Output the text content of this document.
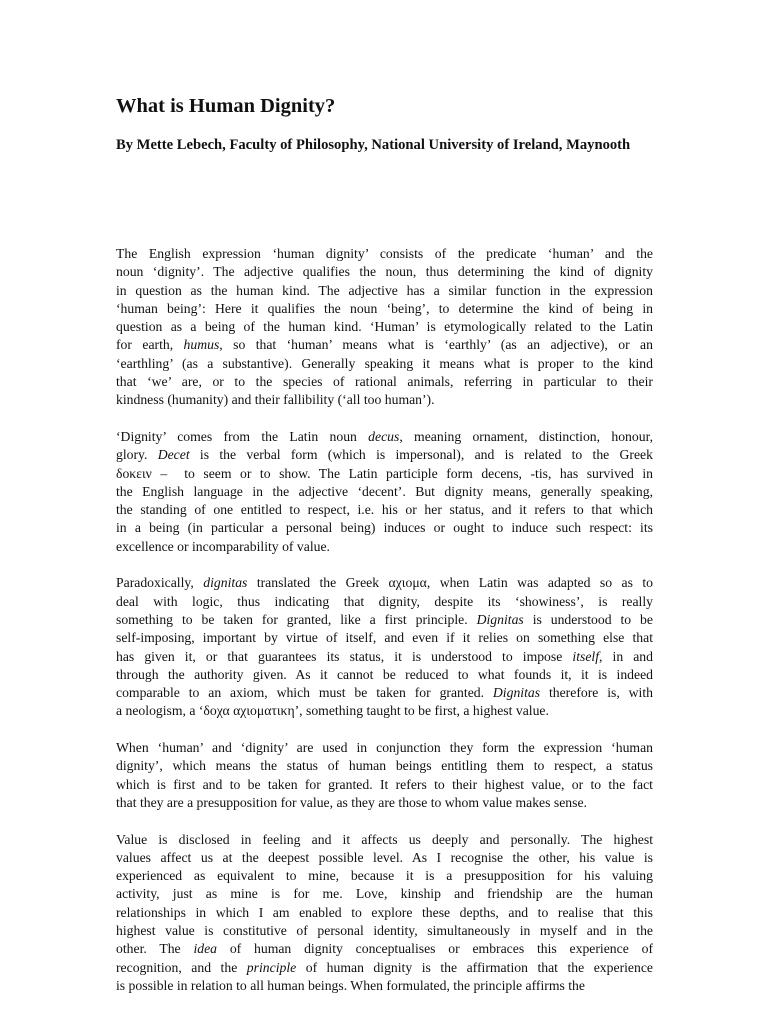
What is Human Dignity?

By Mette Lebech, Faculty of Philosophy, National University of Ireland, Maynooth

The English expression ‘human dignity’ consists of the predicate ‘human’ and the
noun ‘dignity’. The adjective qualifies the noun, thus determining the kind of dignity
in question as the human kind. The adjective has a similar function in the expression
‘human being’: Here it qualifies the noun ‘being’, to determine the kind of being in
question as a being of the human kind. ‘Human’ is etymologically related to the Latin
for earth, humus, so that ‘human’ means what is ‘earthly’ (as an adjective), or an
‘earthling’ (as a substantive). Generally speaking it means what is proper to the kind
that ‘we’ are, or to the species of rational animals, referring in particular to their
kindness (humanity) and their fallibility (‘all too human’).
‘Dignity’ comes from the Latin noun decus, meaning ornament, distinction, honour,
glory. Decet is the verbal form (which is impersonal), and is related to the Greek
δοκειν –  to seem or to show. The Latin participle form decens, -tis, has survived in
the English language in the adjective ‘decent’. But dignity means, generally speaking,
the standing of one entitled to respect, i.e. his or her status, and it refers to that which
in a being (in particular a personal being) induces or ought to induce such respect: its
excellence or incomparability of value.
Paradoxically, dignitas translated the Greek αχιομα, when Latin was adapted so as to
deal with logic, thus indicating that dignity, despite its ‘showiness’, is really
something to be taken for granted, like a first principle. Dignitas is understood to be
self-imposing, important by virtue of itself, and even if it relies on something else that
has given it, or that guarantees its status, it is understood to impose itself, in and
through the authority given. As it cannot be reduced to what founds it, it is indeed
comparable to an axiom, which must be taken for granted. Dignitas therefore is, with
a neologism, a ‘δοχα αχιοματικη’, something taught to be first, a highest value.
When ‘human’ and ‘dignity’ are used in conjunction they form the expression ‘human
dignity’, which means the status of human beings entitling them to respect, a status
which is first and to be taken for granted. It refers to their highest value, or to the fact
that they are a presupposition for value, as they are those to whom value makes sense.
Value is disclosed in feeling and it affects us deeply and personally. The highest
values affect us at the deepest possible level. As I recognise the other, his value is
experienced as equivalent to mine, because it is a presupposition for his valuing
activity, just as mine is for me. Love, kinship and friendship are the human
relationships in which I am enabled to explore these depths, and to realise that this
highest value is constitutive of personal identity, simultaneously in myself and in the
other. The idea of human dignity conceptualises or embraces this experience of
recognition, and the principle of human dignity is the affirmation that the experience
is possible in relation to all human beings. When formulated, the principle affirms the
